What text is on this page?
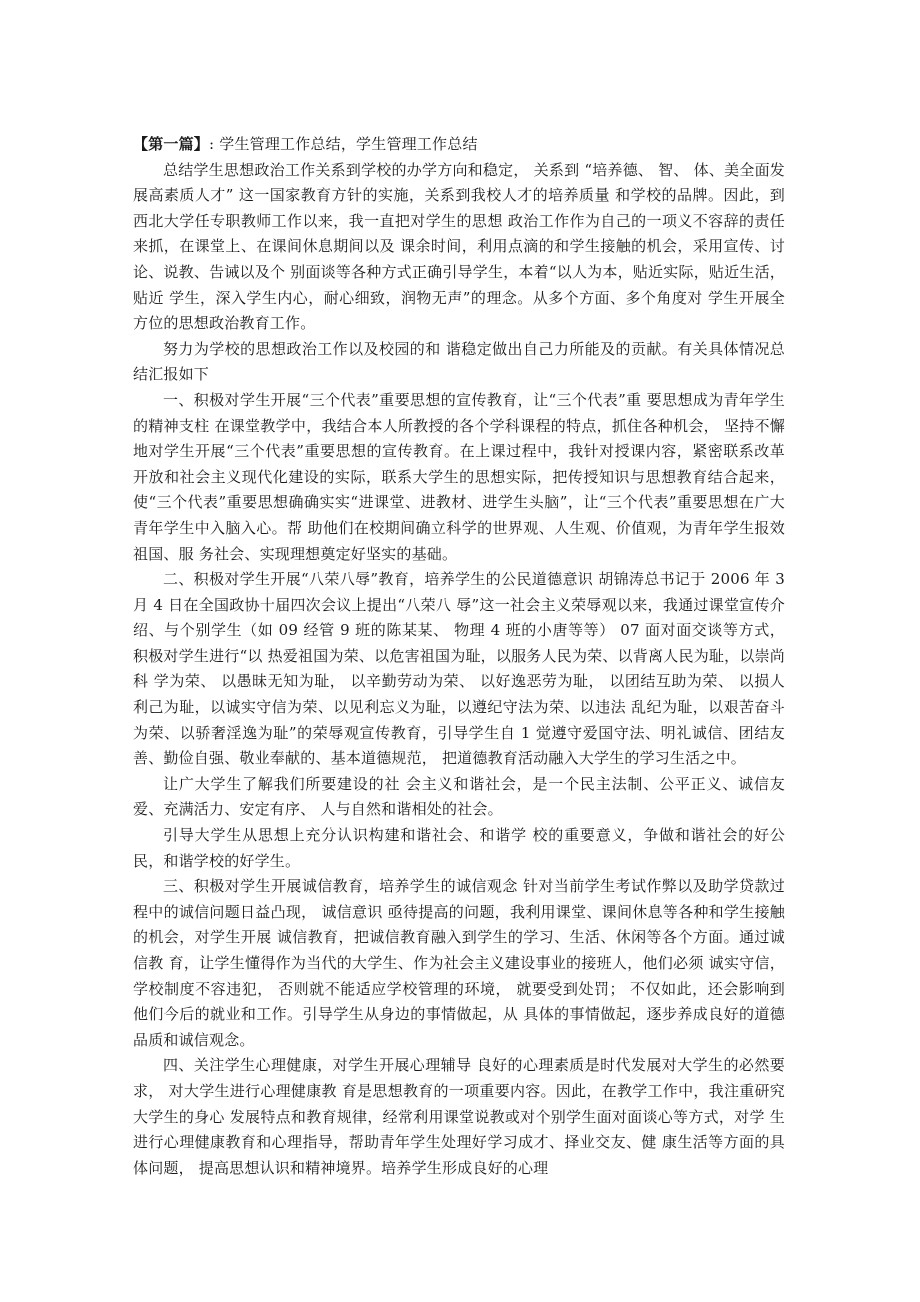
【第一篇】: 学生管理工作总结，学生管理工作总结

总结学生思想政治工作关系到学校的办学方向和稳定， 关系到 “培养德、 智、 体、美全面发展高素质人才” 这一国家教育方针的实施，关系到我校人才的培养质量 和学校的品牌。因此，到西北大学任专职教师工作以来，我一直把对学生的思想 政治工作作为自己的一项义不容辞的责任来抓，在课堂上、在课间休息期间以及 课余时间，利用点滴的和学生接触的机会，采用宣传、讨论、说教、告诫以及个 别面谈等各种方式正确引导学生，本着“以人为本，贴近实际，贴近生活，贴近 学生，深入学生内心，耐心细致，润物无声”的理念。从多个方面、多个角度对 学生开展全方位的思想政治教育工作。

努力为学校的思想政治工作以及校园的和 谐稳定做出自己力所能及的贡献。有关具体情况总结汇报如下

一、积极对学生开展“三个代表”重要思想的宣传教育，让“三个代表”重 要思想成为青年学生的精神支柱 在课堂教学中，我结合本人所教授的各个学科课程的特点，抓住各种机会， 坚持不懈地对学生开展“三个代表”重要思想的宣传教育。在上课过程中，我针对授课内容，紧密联系改革开放和社会主义现代化建设的实际，联系大学生的思想实际，把传授知识与思想教育结合起来，使“三个代表”重要思想确确实实“进课堂、进教材、进学生头脑”，让“三个代表”重要思想在广大青年学生中入脑入心。帮 助他们在校期间确立科学的世界观、人生观、价值观，为青年学生报效祖国、服 务社会、实现理想奠定好坚实的基础。

二、积极对学生开展“八荣八辱”教育，培养学生的公民道德意识 胡锦涛总书记于 2006 年 3 月 4 日在全国政协十届四次会议上提出“八荣八 辱”这一社会主义荣辱观以来，我通过课堂宣传介绍、与个别学生（如 09 经管 9 班的陈某某、 物理 4 班的小唐等等） 07 面对面交谈等方式， 积极对学生进行“以 热爱祖国为荣、以危害祖国为耻，以服务人民为荣、以背离人民为耻，以崇尚科 学为荣、 以愚昧无知为耻， 以辛勤劳动为荣、 以好逸恶劳为耻， 以团结互助为荣、 以损人利己为耻，以诚实守信为荣、以见利忘义为耻，以遵纪守法为荣、以违法 乱纪为耻，以艰苦奋斗为荣、以骄奢淫逸为耻”的荣辱观宣传教育，引导学生自 1 觉遵守爱国守法、明礼诚信、团结友善、勤俭自强、敬业奉献的、基本道德规范， 把道德教育活动融入大学生的学习生活之中。

让广大学生了解我们所要建设的社 会主义和谐社会，是一个民主法制、公平正义、诚信友爱、充满活力、安定有序、 人与自然和谐相处的社会。

引导大学生从思想上充分认识构建和谐社会、和谐学 校的重要意义，争做和谐社会的好公民，和谐学校的好学生。

三、积极对学生开展诚信教育，培养学生的诚信观念 针对当前学生考试作弊以及助学贷款过程中的诚信问题日益凸现， 诚信意识 亟待提高的问题，我利用课堂、课间休息等各种和学生接触的机会，对学生开展 诚信教育，把诚信教育融入到学生的学习、生活、休闲等各个方面。通过诚信教 育，让学生懂得作为当代的大学生、作为社会主义建设事业的接班人，他们必须 诚实守信， 学校制度不容违犯， 否则就不能适应学校管理的环境， 就要受到处罚； 不仅如此，还会影响到他们今后的就业和工作。引导学生从身边的事情做起，从 具体的事情做起，逐步养成良好的道德品质和诚信观念。

四、关注学生心理健康，对学生开展心理辅导 良好的心理素质是时代发展对大学生的必然要求， 对大学生进行心理健康教 育是思想教育的一项重要内容。因此，在教学工作中，我注重研究大学生的身心 发展特点和教育规律，经常利用课堂说教或对个别学生面对面谈心等方式，对学 生进行心理健康教育和心理指导，帮助青年学生处理好学习成才、择业交友、健 康生活等方面的具体问题， 提高思想认识和精神境界。培养学生形成良好的心理
